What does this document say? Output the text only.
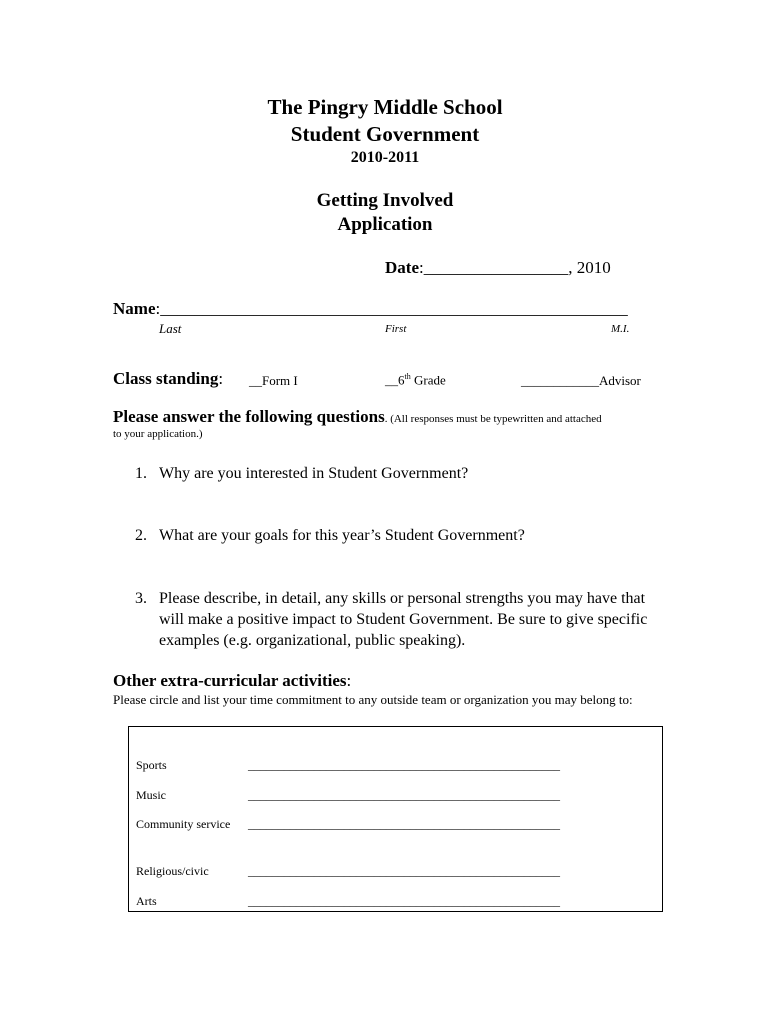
The Pingry Middle School
Student Government
2010-2011
Getting Involved
Application
Date:_________________, 2010
Name:_______________________________________________________
Last	First	M.I.
Class standing: __Form I	__6th Grade	____________Advisor
Please answer the following questions. (All responses must be typewritten and attached
to your application.)
1. Why are you interested in Student Government?
2. What are your goals for this year’s Student Government?
3. Please describe, in detail, any skills or personal strengths you may have that will make a positive impact to Student Government. Be sure to give specific examples (e.g. organizational, public speaking).
Other extra-curricular activities:
Please circle and list your time commitment to any outside team or organization you may belong to:
Sports	____________________________________________________
Music	____________________________________________________
Community service ____________________________________________________
Religious/civic	____________________________________________________
Arts	____________________________________________________
